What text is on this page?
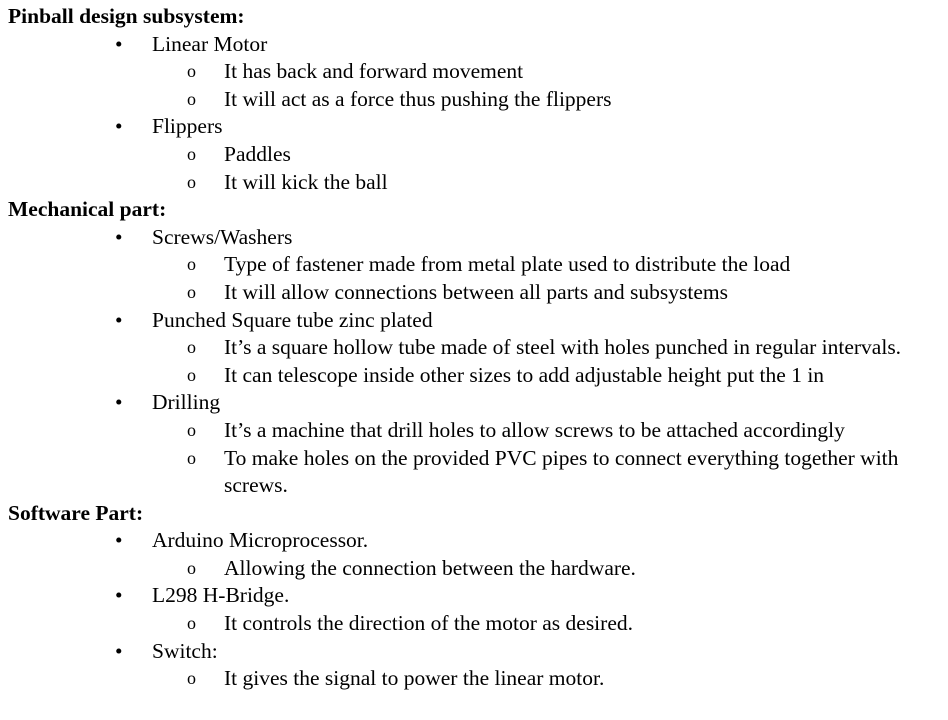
Pinball design subsystem:
• Linear Motor
o It has back and forward movement
o It will act as a force thus pushing the flippers
• Flippers
o Paddles
o It will kick the ball
Mechanical part:
• Screws/Washers
o Type of fastener made from metal plate used to distribute the load
o It will allow connections between all parts and subsystems
• Punched Square tube zinc plated
o It’s a square hollow tube made of steel with holes punched in regular intervals.
o It can telescope inside other sizes to add adjustable height put the 1 in
• Drilling
o It’s a machine that drill holes to allow screws to be attached accordingly
o To make holes on the provided PVC pipes to connect everything together with screws.
Software Part:
• Arduino Microprocessor.
o Allowing the connection between the hardware.
• L298 H-Bridge.
o It controls the direction of the motor as desired.
• Switch:
o It gives the signal to power the linear motor.
